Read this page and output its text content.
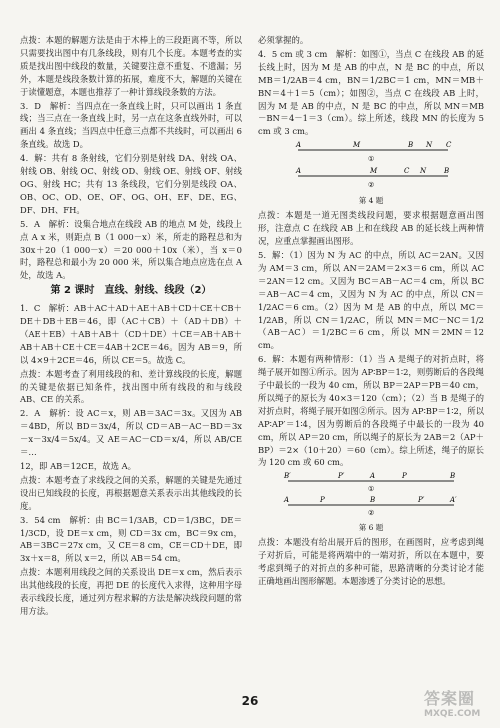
点拨：本题的解题方法是由于木棒上的三段距离不等，所以只需要找出图中有几条线段，则有几个长度。本题考查的实质是找出图中线段的数量，关键要注意不重复、不遗漏；另外，本题是线段条数计算的拓展，难度不大，解题的关键在于读懂题意，本题也推荐了一种计算线段条数的方法。

3．D　解析：当四点在一条直线上时，只可以画出 1 条直线；当三点在一条直线上时，另一点在这条直线外时，可以画出 4 条直线；当四点中任意三点都不共线时，可以画出 6 条直线。故选 D。

4．解：共有 8 条射线，它们分别是射线 DA、射线 OA、射线 OB、射线 OC、射线 OD、射线 OE、射线 OF、射线 OG、射线 HC；共有 13 条线段，它们分别是线段 OA、OB、OC、OD、OE、OF、OG、OH、EF、DE、EG、DF、DH、FH。

5．A　解析：设集合地点在线段 AB 的地点 M 处，线段上点 A x 米，则距点 B（1 000－x）米，所走的路程总和为 30x＋20（1 000－x）＝20 000＋10x（米），当 x＝0 时，路程总和最小为 20 000 米，所以集合地点应选在点 A 处，故选 A。

第 2 课时　直线、射线、线段（2）

1．C　解析：AB＋AC＋AD＋AE＋AB＋CD＋CE＋CB＋DE＋DB＋EB＝46，即（AC＋CB）＋（AD＋DB）＋（AE＋EB）＋AB＋AB＋（CD＋DE）＋CE＝AB＋AB＋AB＋AB＋CE＋CE＝4AB＋2CE＝46。因为 AB＝9，所以 4×9＋2CE＝46，所以 CE＝5。故选 C。

点拨：本题考查了利用线段的和、差计算线段的长度，解题的关键是依据已知条件，找出图中所有线段的和与线段 AB、CE 的关系。

2．A　解析：设 AC＝x，则 AB＝3AC＝3x。又因为 AB＝4BD，所以 BD＝3x/4，所以 CD＝AB－AC－BD＝3x－x－3x/4＝5x/4。又 AE＝AC－CD＝x/4，所以 AB/CE＝…

12，即 AB＝12CE，故选 A。

点拨：本题考查了求线段之间的关系，解题的关键是先通过设出已知线段的长度，再根据题意关系表示出其他线段的长度。

3．54 cm　解析：由 BC＝1/3AB，CD＝1/3BC，DE＝1/3CD，设 DE＝x cm，则 CD＝3x cm，BC＝9x cm，AB＝3BC＝27x cm，又 CE＝8 cm，CE＝CD＋DE，即 3x＋x＝8，所以 x＝2，所以 AB＝54 cm。

点拨：本题利用线段之间的关系设出 DE＝x cm，然后表示出其他线段的长度，再把 DE 的长度代入求得，这种用字母表示线段长度，通过列方程求解的方法是解决线段问题的常用方法。

必须掌握的。

4．5 cm 或 3 cm　解析：如图①，当点 C 在线段 AB 的延长线上时，因为 M 是 AB 的中点，N 是 BC 的中点，所以 MB＝1/2AB＝4 cm，BN＝1/2BC＝1 cm，MN＝MB＋BN＝4＋1＝5（cm）；如图②，当点 C 在线段 AB 上时，因为 M 是 AB 的中点，N 是 BC 的中点，所以 MN＝MB－BN＝4－1＝3（cm）。综上所述，线段 MN 的长度为 5 cm 或 3 cm。

A	M	B	C
N
①
A	M	C N	B
②
第 4 题

点拨：本题是一道无图类线段问题，要求根据题意画出图形，注意点 C 在线段 AB 上和在线段 AB 的延长线上两种情况，应重点掌握画出图形。

5．解：（1）因为 N 为 AC 的中点，所以 AC＝2AN。又因为 AM＝3 cm，所以 AN＝2AM＝2×3＝6 cm，所以 AC＝2AN＝12 cm。又因为 BC＝AB－AC＝4 cm，所以 BC＝AB－AC＝4 cm，又因为 N 为 AC 的中点，所以 CN＝1/2AC＝6 cm。（2）因为 M 是 AB 的中点，所以 MC＝1/2AB，所以 CN＝1/2AC，所以 MN＝MC－NC＝1/2（AB－AC）＝1/2BC＝6 cm，所以 MN＝2MN＝12 cm。

6．解：本题有两种情形：（1）当 A 是绳子的对折点时，将绳子展开如图①所示。因为 AP∶BP＝1∶2，则剪断后的各段绳子中最长的一段为 40 cm，所以 BP＝2AP＝PB＝40 cm，所以绳子的原长为 40×3＝120（cm）；（2）当 B 是绳子的对折点时，将绳子展开如图②所示。因为 AP∶BP＝1∶2，所以 AP∶AP′＝1∶4，因为剪断后的各段绳子中最长的一段为 40 cm，所以 AP＝20 cm，所以绳子的原长为 2AB＝2（AP＋BP）＝2×（10＋20）＝60（cm）。综上所述，绳子的原长为 120 cm 或 60 cm。

B′	P′	A	P	B
①
A	P	B	P′	A′
②
第 6 题

点拨：本题没有给出展开后的图形，在画图时，应考虑到绳子对折后，可能是将两端中的一端对折，所以在本题中，要考虑到绳子的对折点的多种可能，思路清晰的分类讨论才能正确地画出图形解题。本题渗透了分类讨论的思想。

26	答案圈
MXQE.COM
